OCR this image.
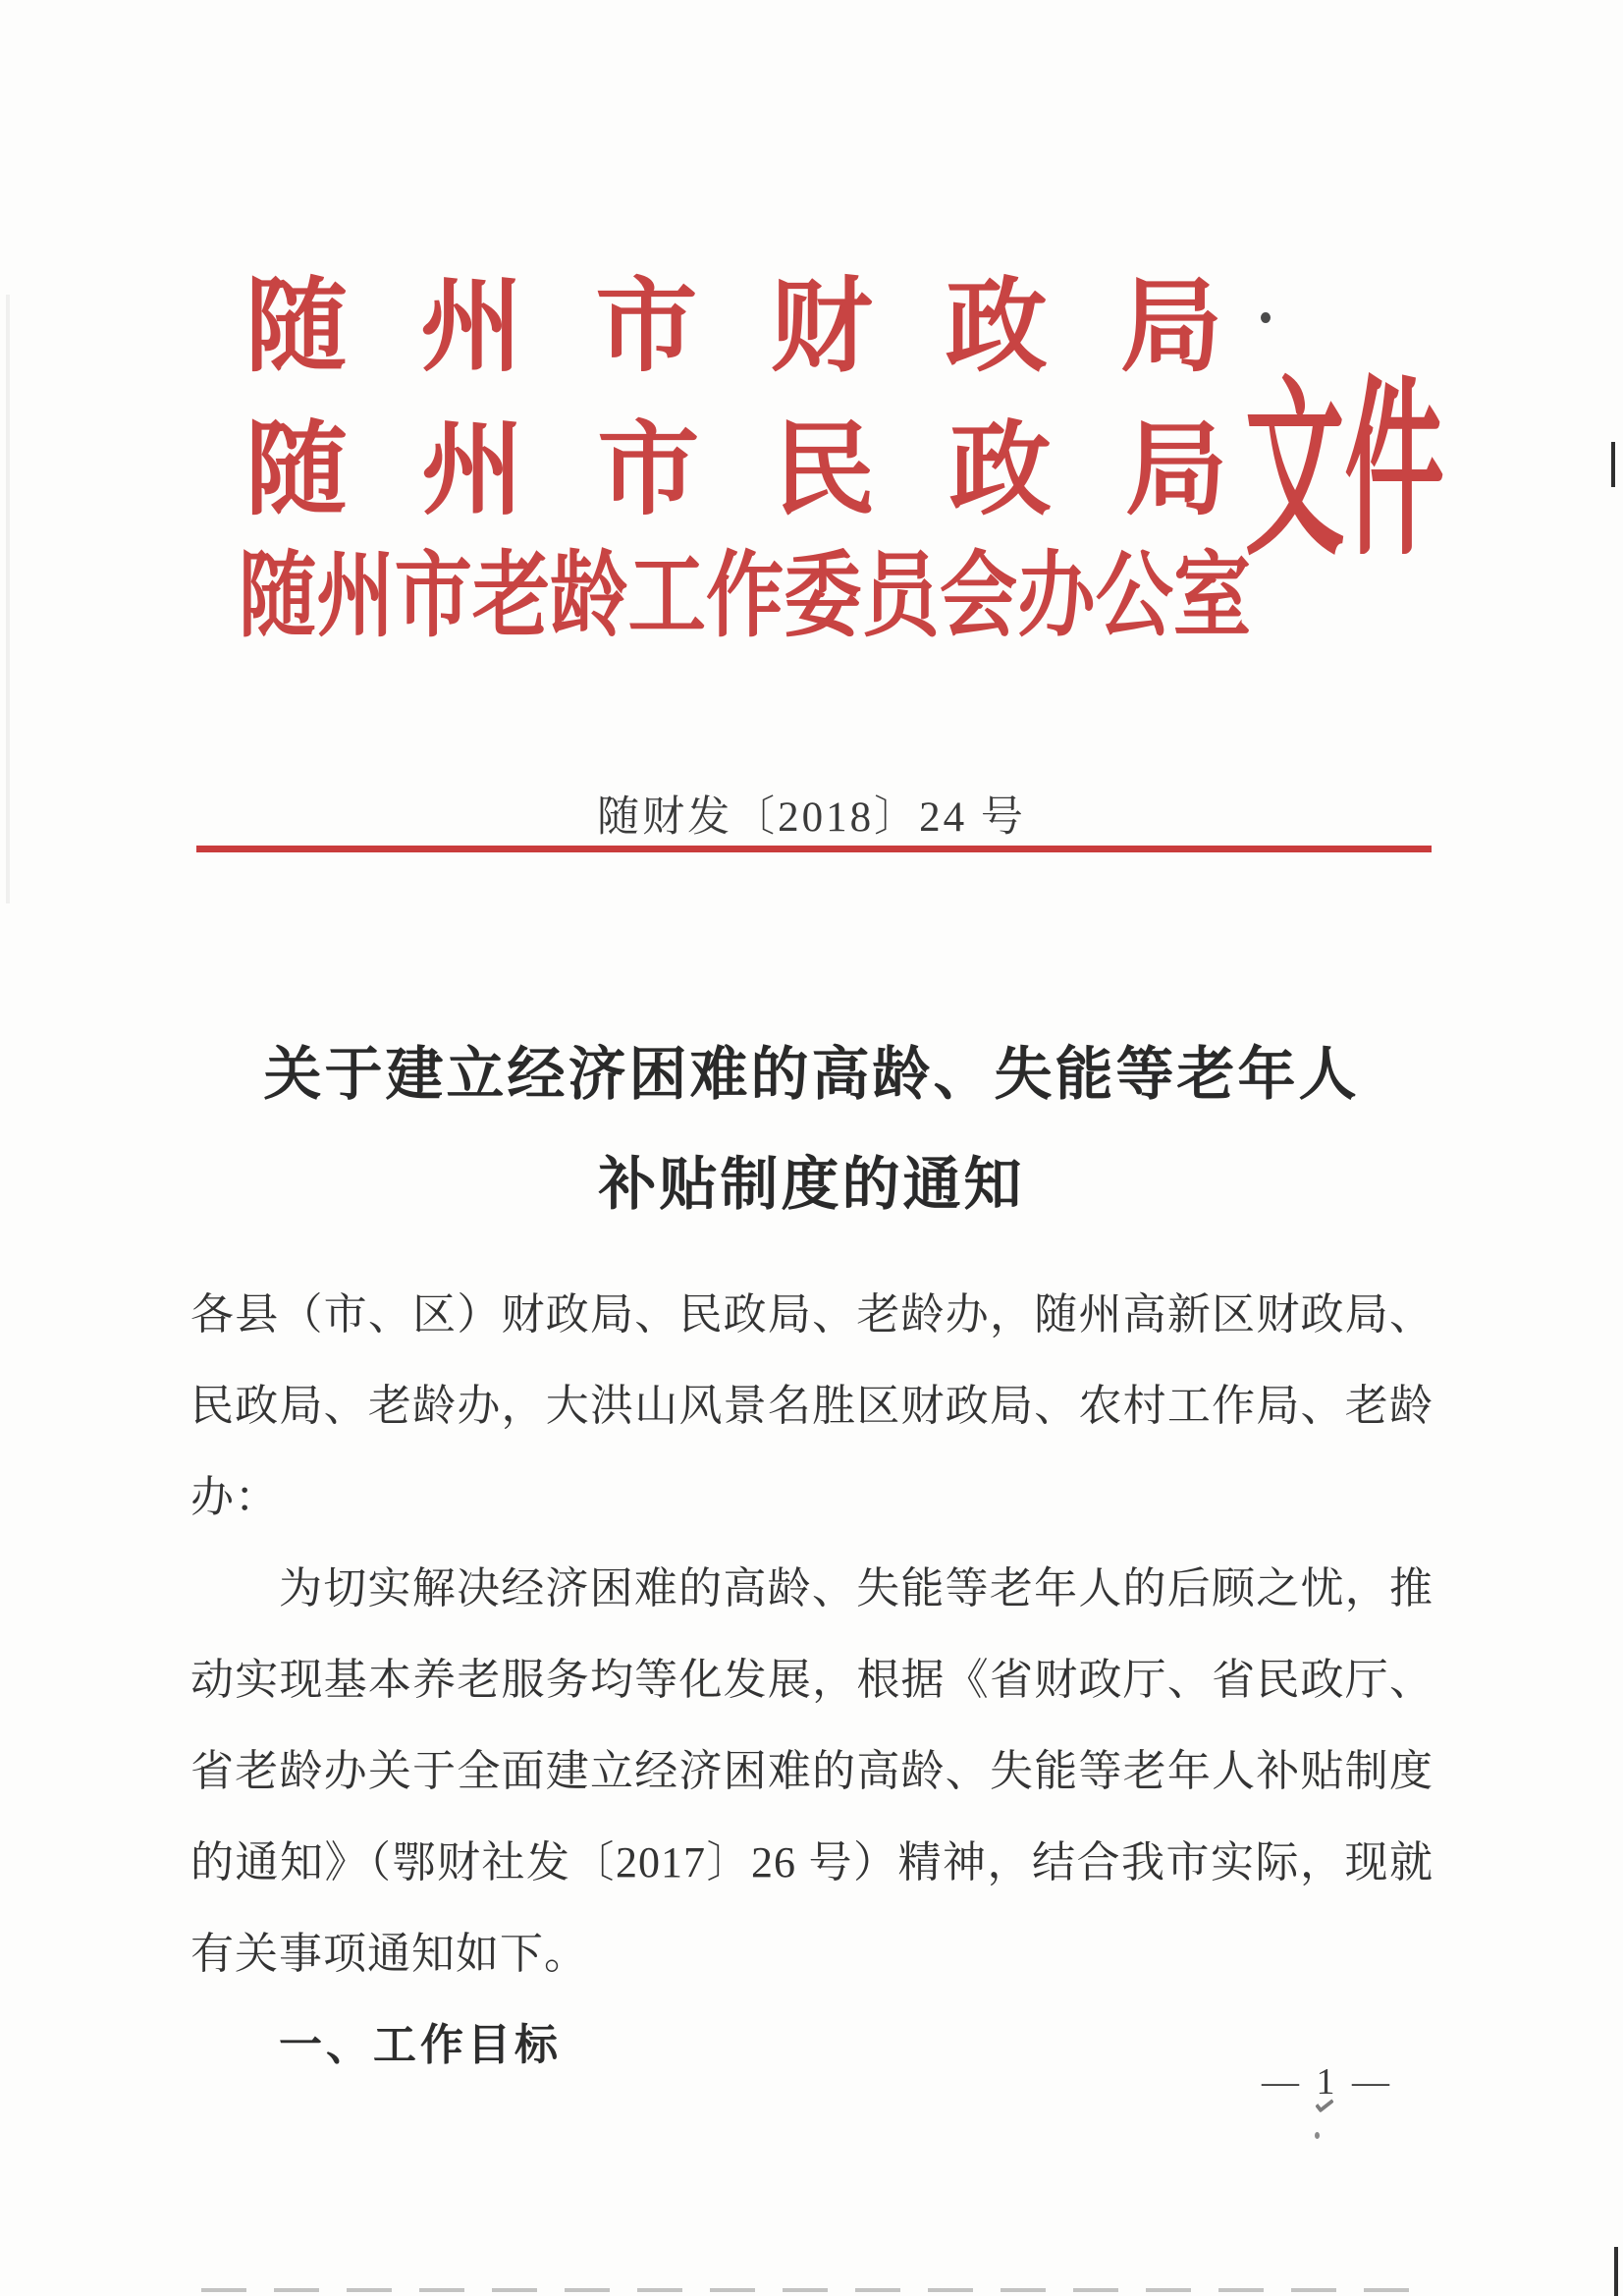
随 州 市 财 政 局
随 州 市 民 政 局
随州市老龄工作委员会办公室
文件
随财发〔2018〕24 号
关于建立经济困难的高龄、失能等老年人
补贴制度的通知
各县（市、区）财政局、民政局、老龄办，随州高新区财政局、
民政局、老龄办，大洪山风景名胜区财政局、农村工作局、老龄
办：
为切实解决经济困难的高龄、失能等老年人的后顾之忧，推
动实现基本养老服务均等化发展，根据《省财政厅、省民政厅、
省老龄办关于全面建立经济困难的高龄、失能等老年人补贴制度
的通知》（鄂财社发〔2017〕26 号）精神，结合我市实际，现就
有关事项通知如下。
一、工作目标
— 1 —
